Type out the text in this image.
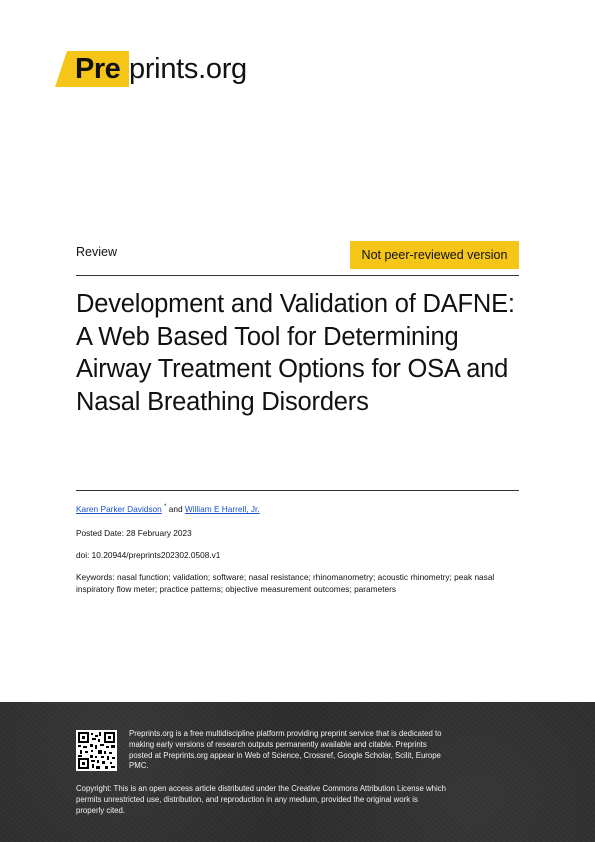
Pre prints.org
Review	Not peer-reviewed version
Development and Validation of DAFNE: A Web Based Tool for Determining Airway Treatment Options for OSA and Nasal Breathing Disorders
Karen Parker Davidson * and William E Harrell, Jr.
Posted Date: 28 February 2023
doi: 10.20944/preprints202302.0508.v1
Keywords: nasal function; validation; software; nasal resistance; rhinomanometry; acoustic rhinometry; peak nasal inspiratory flow meter; practice patterns; objective measurement outcomes; parameters
Preprints.org is a free multidiscipline platform providing preprint service that is dedicated to making early versions of research outputs permanently available and citable. Preprints posted at Preprints.org appear in Web of Science, Crossref, Google Scholar, Scilit, Europe PMC.
Copyright: This is an open access article distributed under the Creative Commons Attribution License which permits unrestricted use, distribution, and reproduction in any medium, provided the original work is properly cited.
